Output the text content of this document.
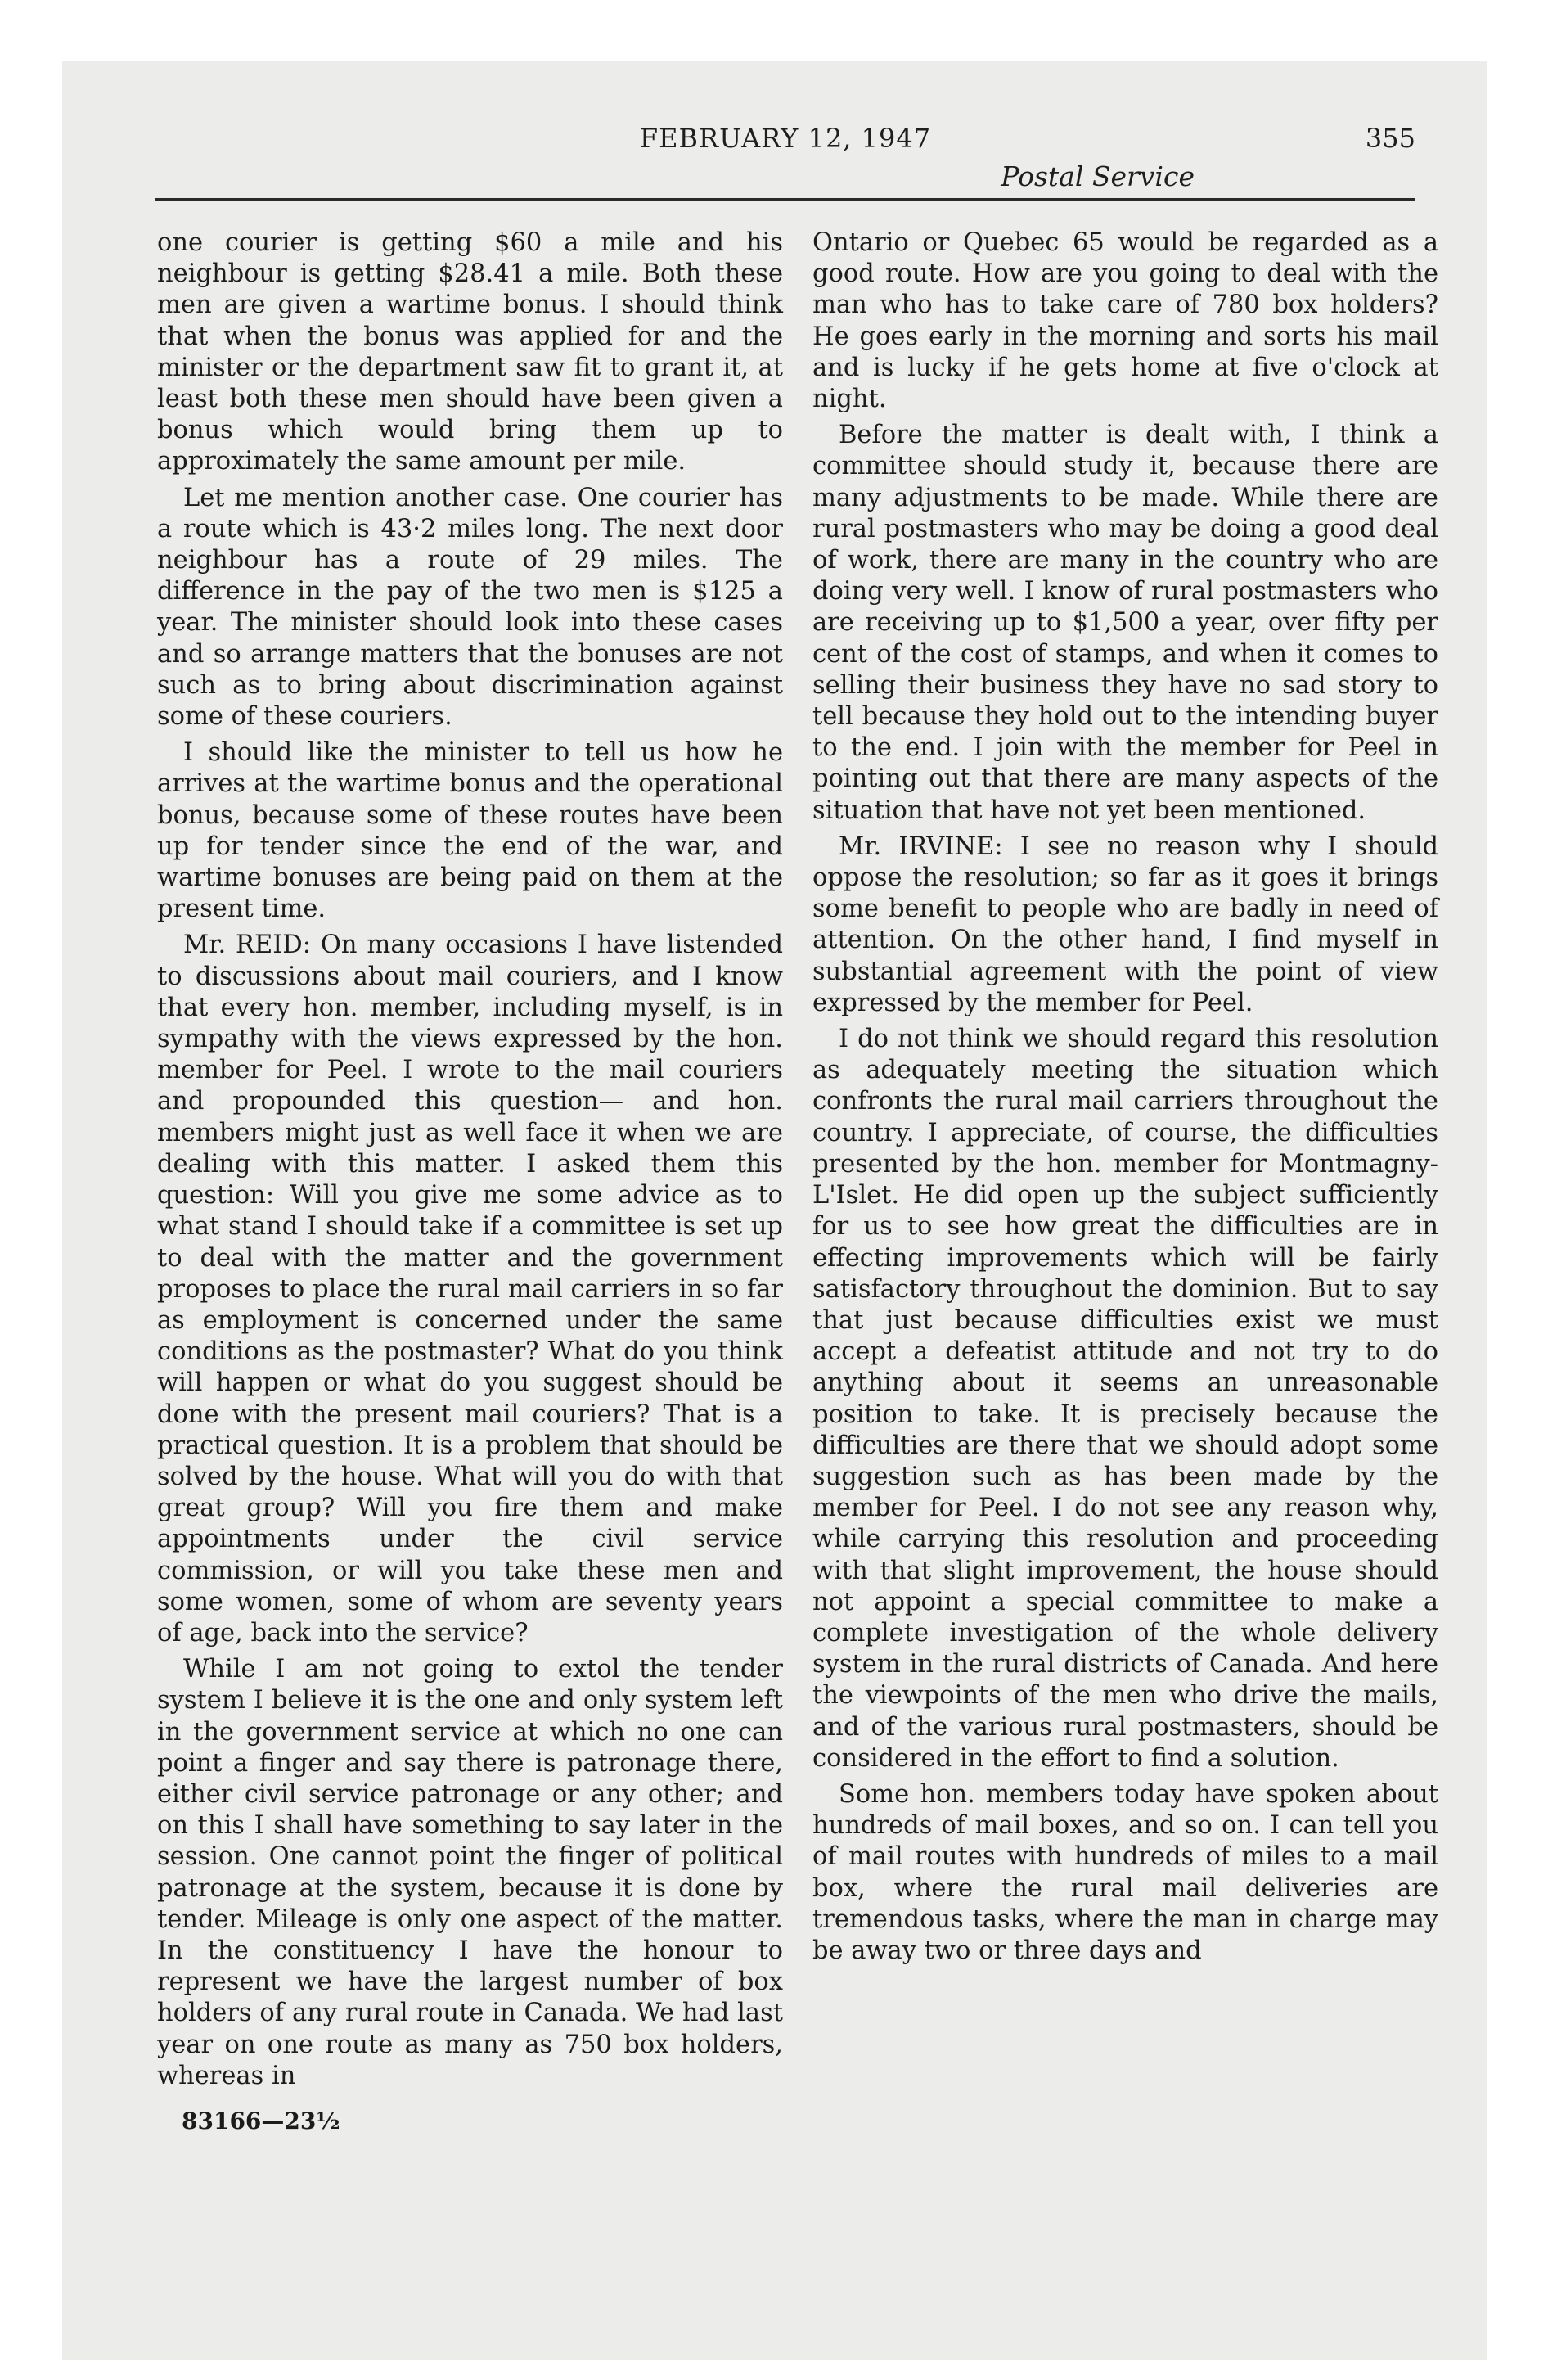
FEBRUARY 12, 1947	355
Postal Service

one courier is getting $60 a mile and his neighbour is getting $28.41 a mile. Both these men are given a wartime bonus. I should think that when the bonus was applied for and the minister or the department saw fit to grant it, at least both these men should have been given a bonus which would bring them up to approximately the same amount per mile.

Let me mention another case. One courier has a route which is 43·2 miles long. The next door neighbour has a route of 29 miles. The difference in the pay of the two men is $125 a year. The minister should look into these cases and so arrange matters that the bonuses are not such as to bring about discrimination against some of these couriers.

I should like the minister to tell us how he arrives at the wartime bonus and the operational bonus, because some of these routes have been up for tender since the end of the war, and wartime bonuses are being paid on them at the present time.

Mr. REID: On many occasions I have listended to discussions about mail couriers, and I know that every hon. member, including myself, is in sympathy with the views expressed by the hon. member for Peel. I wrote to the mail couriers and propounded this question— and hon. members might just as well face it when we are dealing with this matter. I asked them this question: Will you give me some advice as to what stand I should take if a committee is set up to deal with the matter and the government proposes to place the rural mail carriers in so far as employment is concerned under the same conditions as the postmaster? What do you think will happen or what do you suggest should be done with the present mail couriers? That is a practical question. It is a problem that should be solved by the house. What will you do with that great group? Will you fire them and make appointments under the civil service commission, or will you take these men and some women, some of whom are seventy years of age, back into the service?

While I am not going to extol the tender system I believe it is the one and only system left in the government service at which no one can point a finger and say there is patronage there, either civil service patronage or any other; and on this I shall have something to say later in the session. One cannot point the finger of political patronage at the system, because it is done by tender. Mileage is only one aspect of the matter. In the constituency I have the honour to represent we have the largest number of box holders of any rural route in Canada. We had last year on one route as many as 750 box holders, whereas in

Ontario or Quebec 65 would be regarded as a good route. How are you going to deal with the man who has to take care of 780 box holders? He goes early in the morning and sorts his mail and is lucky if he gets home at five o'clock at night.

Before the matter is dealt with, I think a committee should study it, because there are many adjustments to be made. While there are rural postmasters who may be doing a good deal of work, there are many in the country who are doing very well. I know of rural postmasters who are receiving up to $1,500 a year, over fifty per cent of the cost of stamps, and when it comes to selling their business they have no sad story to tell because they hold out to the intending buyer to the end. I join with the member for Peel in pointing out that there are many aspects of the situation that have not yet been mentioned.

Mr. IRVINE: I see no reason why I should oppose the resolution; so far as it goes it brings some benefit to people who are badly in need of attention. On the other hand, I find myself in substantial agreement with the point of view expressed by the member for Peel.

I do not think we should regard this resolution as adequately meeting the situation which confronts the rural mail carriers throughout the country. I appreciate, of course, the difficulties presented by the hon. member for Montmagny-L'Islet. He did open up the subject sufficiently for us to see how great the difficulties are in effecting improvements which will be fairly satisfactory throughout the dominion. But to say that just because difficulties exist we must accept a defeatist attitude and not try to do anything about it seems an unreasonable position to take. It is precisely because the difficulties are there that we should adopt some suggestion such as has been made by the member for Peel. I do not see any reason why, while carrying this resolution and proceeding with that slight improvement, the house should not appoint a special committee to make a complete investigation of the whole delivery system in the rural districts of Canada. And here the viewpoints of the men who drive the mails, and of the various rural postmasters, should be considered in the effort to find a solution.

Some hon. members today have spoken about hundreds of mail boxes, and so on. I can tell you of mail routes with hundreds of miles to a mail box, where the rural mail deliveries are tremendous tasks, where the man in charge may be away two or three days and

83166—23½
